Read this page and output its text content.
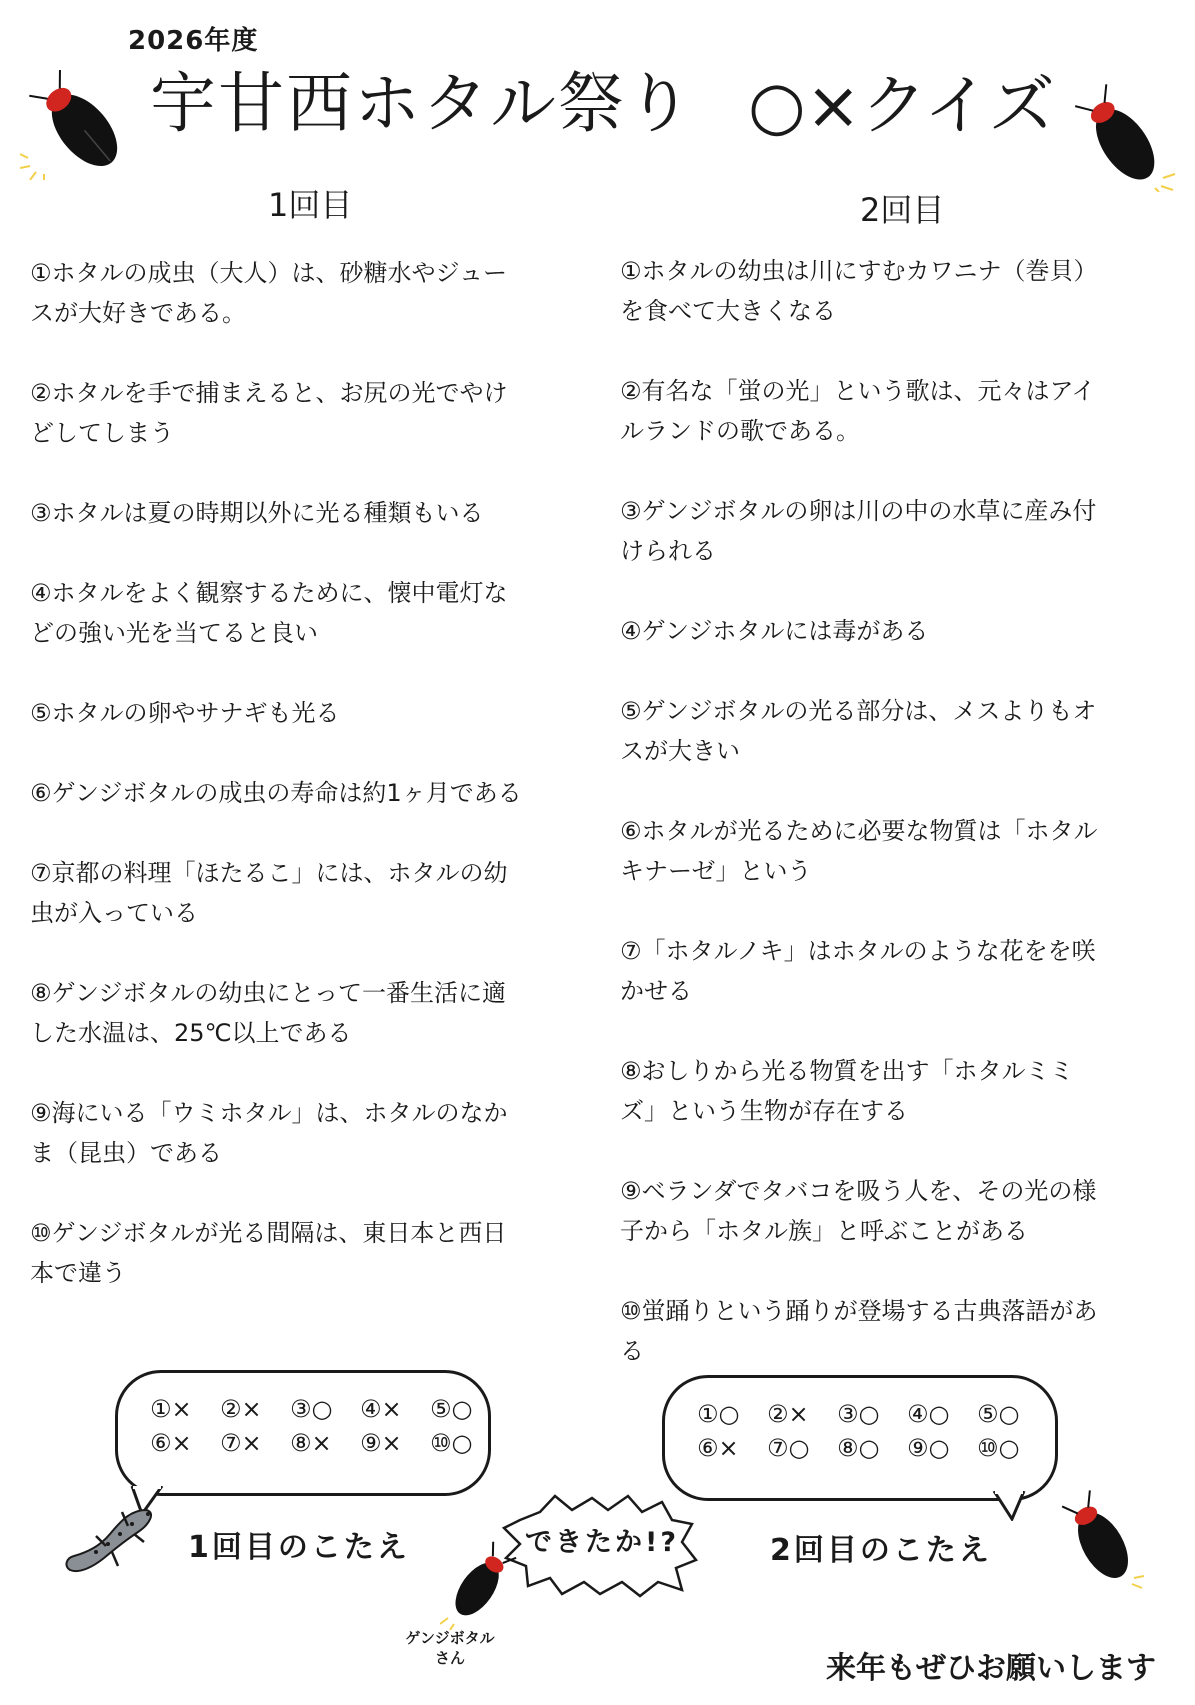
2026年度
宇甘西ホタル祭り ○×クイズ
1回目	2回目
①ホタルの成虫（大人）は、砂糖水やジュー
スが大好きである。
②ホタルを手で捕まえると、お尻の光でやけ
どしてしまう
③ホタルは夏の時期以外に光る種類もいる
④ホタルをよく観察するために、懐中電灯な
どの強い光を当てると良い
⑤ホタルの卵やサナギも光る
⑥ゲンジボタルの成虫の寿命は約1ヶ月である
⑦京都の料理「ほたるこ」には、ホタルの幼
虫が入っている
⑧ゲンジボタルの幼虫にとって一番生活に適
した水温は、25℃以上である
⑨海にいる「ウミホタル」は、ホタルのなか
ま（昆虫）である
⑩ゲンジボタルが光る間隔は、東日本と西日
本で違う
①ホタルの幼虫は川にすむカワニナ（巻貝）
を食べて大きくなる
②有名な「蛍の光」という歌は、元々はアイ
ルランドの歌である。
③ゲンジボタルの卵は川の中の水草に産み付
けられる
④ゲンジホタルには毒がある
⑤ゲンジボタルの光る部分は、メスよりもオ
スが大きい
⑥ホタルが光るために必要な物質は「ホタル
キナーゼ」という
⑦「ホタルノキ」はホタルのような花をを咲
かせる
⑧おしりから光る物質を出す「ホタルミミ
ズ」という生物が存在する
⑨ベランダでタバコを吸う人を、その光の様
子から「ホタル族」と呼ぶことがある
⑩蛍踊りという踊りが登場する古典落語があ
る
①×	②×	③○	④×	⑤○
⑥×	⑦×	⑧×	⑨×	⑩○
①○	②×	③○	④○	⑤○
⑥×	⑦○	⑧○	⑨○	⑩○
1回目のこたえ	2回目のこたえ
できたか!?
ゲンジボタル
さん	来年もぜひお願いします
